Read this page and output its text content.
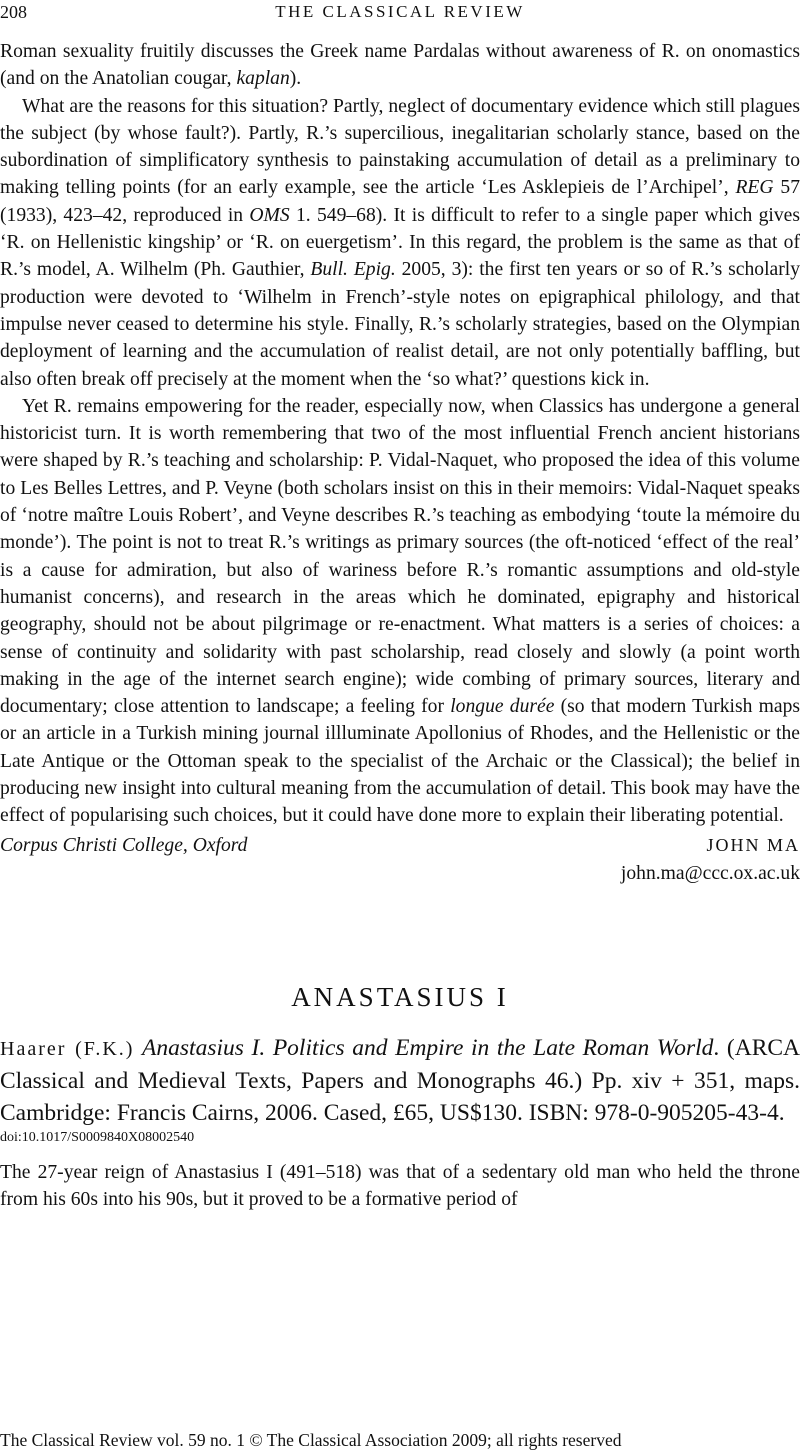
208	THE CLASSICAL REVIEW

Roman sexuality fruitily discusses the Greek name Pardalas without awareness of R. on onomastics (and on the Anatolian cougar, kaplan).

What are the reasons for this situation? Partly, neglect of documentary evidence which still plagues the subject (by whose fault?). Partly, R.’s supercilious, inegalitarian scholarly stance, based on the subordination of simplificatory synthesis to painstaking accumulation of detail as a preliminary to making telling points (for an early example, see the article ‘Les Asklepieis de l’Archipel’, REG 57 (1933), 423–42, reproduced in OMS 1. 549–68). It is difficult to refer to a single paper which gives ‘R. on Hellenistic kingship’ or ‘R. on euergetism’. In this regard, the problem is the same as that of R.’s model, A. Wilhelm (Ph. Gauthier, Bull. Epig. 2005, 3): the first ten years or so of R.’s scholarly production were devoted to ‘Wilhelm in French’-style notes on epigraphical philology, and that impulse never ceased to determine his style. Finally, R.’s scholarly strategies, based on the Olympian deployment of learning and the accumulation of realist detail, are not only potentially baffling, but also often break off precisely at the moment when the ‘so what?’ questions kick in.

Yet R. remains empowering for the reader, especially now, when Classics has undergone a general historicist turn. It is worth remembering that two of the most influential French ancient historians were shaped by R.’s teaching and scholarship: P. Vidal-Naquet, who proposed the idea of this volume to Les Belles Lettres, and P. Veyne (both scholars insist on this in their memoirs: Vidal-Naquet speaks of ‘notre maître Louis Robert’, and Veyne describes R.’s teaching as embodying ‘toute la mémoire du monde’). The point is not to treat R.’s writings as primary sources (the oft-noticed ‘effect of the real’ is a cause for admiration, but also of wariness before R.’s romantic assumptions and old-style humanist concerns), and research in the areas which he dominated, epigraphy and historical geography, should not be about pilgrimage or re-enactment. What matters is a series of choices: a sense of continuity and solidarity with past scholarship, read closely and slowly (a point worth making in the age of the internet search engine); wide combing of primary sources, literary and documentary; close attention to landscape; a feeling for longue durée (so that modern Turkish maps or an article in a Turkish mining journal illluminate Apollonius of Rhodes, and the Hellenistic or the Late Antique or the Ottoman speak to the specialist of the Archaic or the Classical); the belief in producing new insight into cultural meaning from the accumulation of detail. This book may have the effect of popularising such choices, but it could have done more to explain their liberating potential.

Corpus Christi College, Oxford	JOHN MA
john.ma@ccc.ox.ac.uk
ANASTASIUS I
Haarer (F.K.) Anastasius I. Politics and Empire in the Late Roman World. (ARCA Classical and Medieval Texts, Papers and Monographs 46.) Pp. xiv + 351, maps. Cambridge: Francis Cairns, 2006. Cased, £65, US$130. ISBN: 978-0-905205-43-4.
doi:10.1017/S0009840X08002540

The 27-year reign of Anastasius I (491–518) was that of a sedentary old man who held the throne from his 60s into his 90s, but it proved to be a formative period of

The Classical Review vol. 59 no. 1 © The Classical Association 2009; all rights reserved
